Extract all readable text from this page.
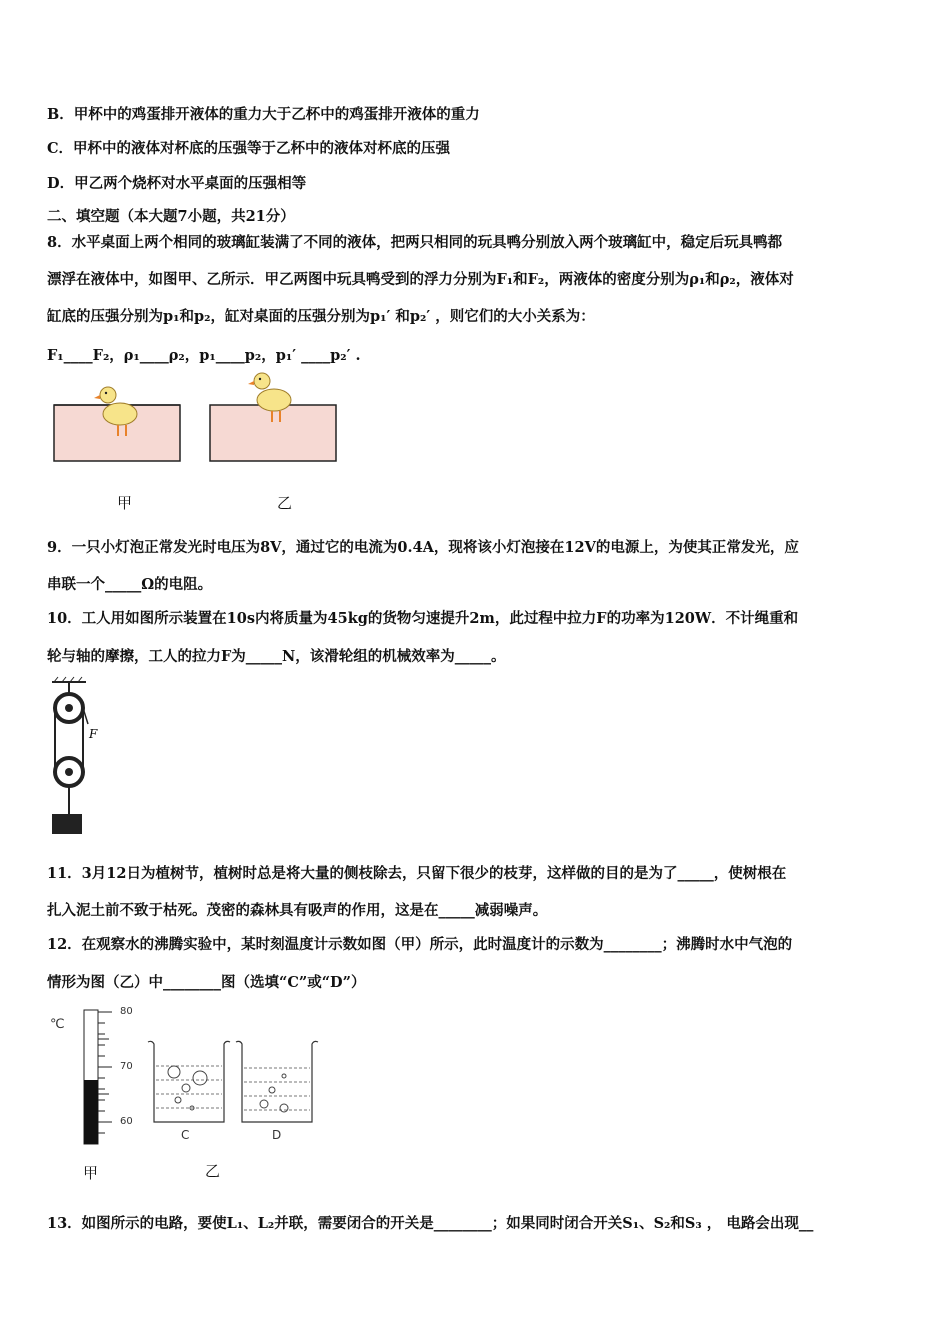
B．甲杯中的鸡蛋排开液体的重力大于乙杯中的鸡蛋排开液体的重力
C．甲杯中的液体对杯底的压强等于乙杯中的液体对杯底的压强
D．甲乙两个烧杯对水平桌面的压强相等
二、填空题（本大题7小题，共21分）
8．水平桌面上两个相同的玻璃缸装满了不同的液体，把两只相同的玩具鸭分别放入两个玻璃缸中，稳定后玩具鸭都
漂浮在液体中，如图甲、乙所示．甲乙两图中玩具鸭受到的浮力分别为F₁和F₂，两液体的密度分别为ρ₁和ρ₂，液体对
缸底的压强分别为p₁和p₂，缸对桌面的压强分别为p₁′ 和p₂′ ，则它们的大小关系为：
F₁____F₂，ρ₁____ρ₂，p₁____p₂，p₁′ ____p₂′ .
甲	乙
9．一只小灯泡正常发光时电压为8V，通过它的电流为0.4A，现将该小灯泡接在12V的电源上，为使其正常发光，应
串联一个_____Ω的电阻。
10．工人用如图所示装置在10s内将质量为45kg的货物匀速提升2m，此过程中拉力F的功率为120W．不计绳重和
轮与轴的摩擦，工人的拉力F为_____N，该滑轮组的机械效率为_____。
F
11．3月12日为植树节，植树时总是将大量的侧枝除去，只留下很少的枝芽，这样做的目的是为了_____，使树根在
扎入泥土前不致于枯死。茂密的森林具有吸声的作用，这是在_____减弱噪声。
12．在观察水的沸腾实验中，某时刻温度计示数如图（甲）所示，此时温度计的示数为________；沸腾时水中气泡的
情形为图（乙）中________图（选填“C”或“D”）
℃
80
70
60
C	D
甲	乙
13．如图所示的电路，要使L₁、L₂并联，需要闭合的开关是________；如果同时闭合开关S₁、S₂和S₃ ， 电路会出现__
